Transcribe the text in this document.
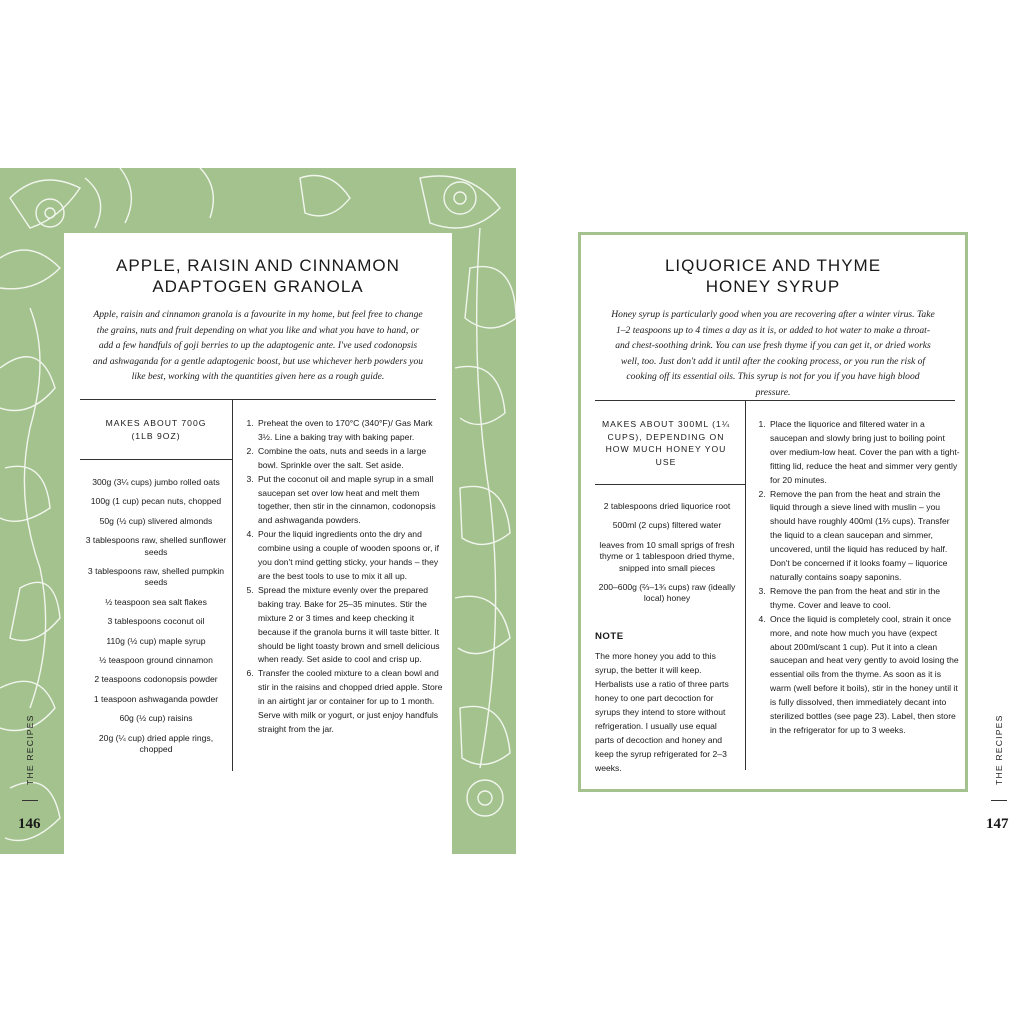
APPLE, RAISIN AND CINNAMON
ADAPTOGEN GRANOLA
Apple, raisin and cinnamon granola is a favourite in my home, but feel free to change the grains, nuts and fruit depending on what you like and what you have to hand, or add a few handfuls of goji berries to up the adaptogenic ante. I've used codonopsis and ashwaganda for a gentle adaptogenic boost, but use whichever herb powders you like best, working with the quantities given here as a rough guide.
MAKES ABOUT 700G (1LB 9OZ)
300g (3¼ cups) jumbo rolled oats
100g (1 cup) pecan nuts, chopped
50g (½ cup) slivered almonds
3 tablespoons raw, shelled sunflower seeds
3 tablespoons raw, shelled pumpkin seeds
½ teaspoon sea salt flakes
3 tablespoons coconut oil
110g (½ cup) maple syrup
½ teaspoon ground cinnamon
2 teaspoons codonopsis powder
1 teaspoon ashwaganda powder
60g (½ cup) raisins
20g (¼ cup) dried apple rings, chopped
1. Preheat the oven to 170°C (340°F)/ Gas Mark 3½. Line a baking tray with baking paper.
2. Combine the oats, nuts and seeds in a large bowl. Sprinkle over the salt. Set aside.
3. Put the coconut oil and maple syrup in a small saucepan set over low heat and melt them together, then stir in the cinnamon, codonopsis and ashwaganda powders.
4. Pour the liquid ingredients onto the dry and combine using a couple of wooden spoons or, if you don't mind getting sticky, your hands – they are the best tools to use to mix it all up.
5. Spread the mixture evenly over the prepared baking tray. Bake for 25–35 minutes. Stir the mixture 2 or 3 times and keep checking it because if the granola burns it will taste bitter. It should be light toasty brown and smell delicious when ready. Set aside to cool and crisp up.
6. Transfer the cooled mixture to a clean bowl and stir in the raisins and chopped dried apple. Store in an airtight jar or container for up to 1 month. Serve with milk or yogurt, or just enjoy handfuls straight from the jar.
THE RECIPES
146
LIQUORICE AND THYME
HONEY SYRUP
Honey syrup is particularly good when you are recovering after a winter virus. Take 1–2 teaspoons up to 4 times a day as it is, or added to hot water to make a throat- and chest-soothing drink. You can use fresh thyme if you can get it, or dried works well, too. Just don't add it until after the cooking process, or you run the risk of cooking off its essential oils. This syrup is not for you if you have high blood pressure.
MAKES ABOUT 300ML (1¼ CUPS), DEPENDING ON HOW MUCH HONEY YOU USE
2 tablespoons dried liquorice root
500ml (2 cups) filtered water
leaves from 10 small sprigs of fresh thyme or 1 tablespoon dried thyme, snipped into small pieces
200–600g (⅔–1¾ cups) raw (ideally local) honey
NOTE
The more honey you add to this syrup, the better it will keep. Herbalists use a ratio of three parts honey to one part decoction for syrups they intend to store without refrigeration. I usually use equal parts of decoction and honey and keep the syrup refrigerated for 2–3 weeks.
1. Place the liquorice and filtered water in a saucepan and slowly bring just to boiling point over medium-low heat. Cover the pan with a tight-fitting lid, reduce the heat and simmer very gently for 20 minutes.
2. Remove the pan from the heat and strain the liquid through a sieve lined with muslin – you should have roughly 400ml (1⅔ cups). Transfer the liquid to a clean saucepan and simmer, uncovered, until the liquid has reduced by half. Don't be concerned if it looks foamy – liquorice naturally contains soapy saponins.
3. Remove the pan from the heat and stir in the thyme. Cover and leave to cool.
4. Once the liquid is completely cool, strain it once more, and note how much you have (expect about 200ml/scant 1 cup). Put it into a clean saucepan and heat very gently to avoid losing the essential oils from the thyme. As soon as it is warm (well before it boils), stir in the honey until it is fully dissolved, then immediately decant into sterilized bottles (see page 23). Label, then store in the refrigerator for up to 3 weeks.	THE RECIPES
147
